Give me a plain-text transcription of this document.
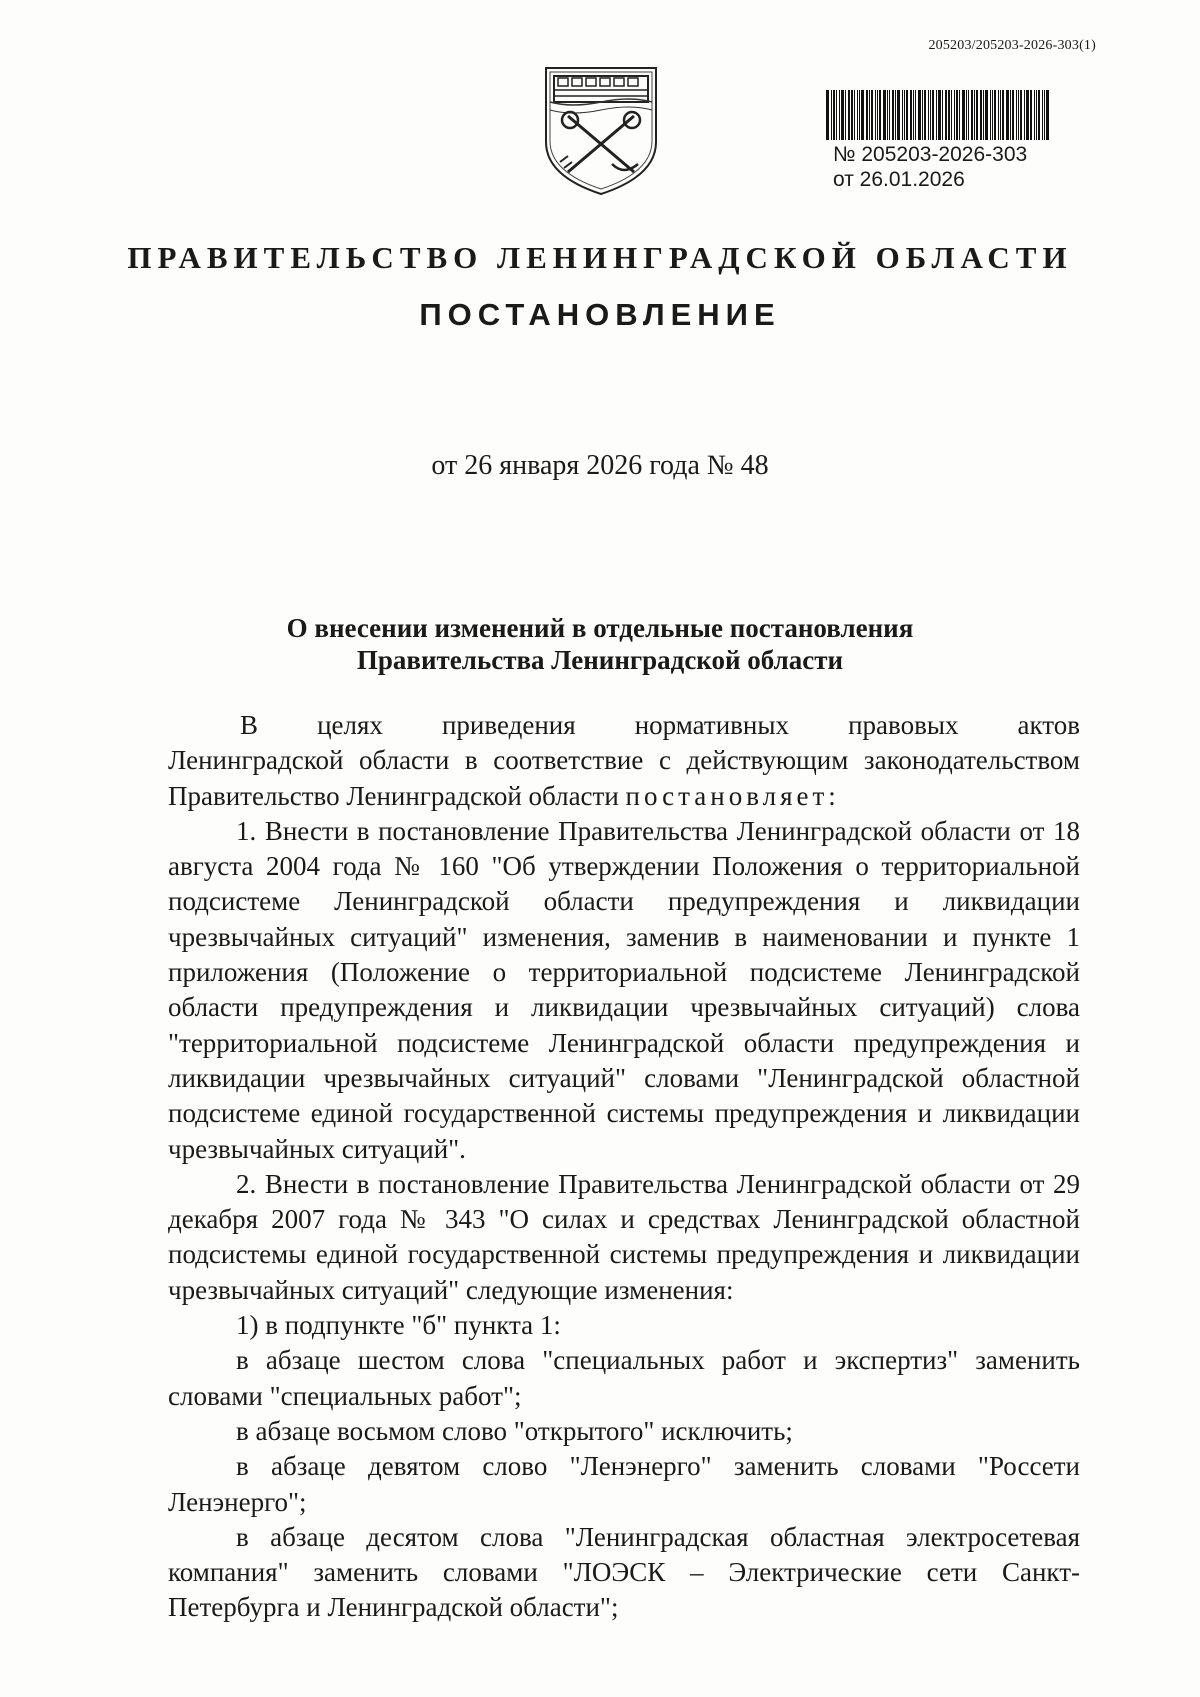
205203/205203-2026-303(1)
№ 205203-2026-303
от 26.01.2026
ПРАВИТЕЛЬСТВО ЛЕНИНГРАДСКОЙ ОБЛАСТИ
ПОСТАНОВЛЕНИЕ
от 26 января 2026 года № 48
О внесении изменений в отдельные постановления
Правительства Ленинградской области

В целях приведения нормативных правовых актов

Ленинградской области в соответствие с действующим законодательством

Правительство Ленинградской области постановляет:

1. Внести в постановление Правительства Ленинградской области от 18 августа 2004 года № 160 "Об утверждении Положения о территориальной подсистеме Ленинградской области предупреждения и ликвидации чрезвычайных ситуаций" изменения, заменив в наименовании и пункте 1 приложения (Положение о территориальной подсистеме Ленинградской области предупреждения и ликвидации чрезвычайных ситуаций) слова "территориальной подсистеме Ленинградской области предупреждения и ликвидации чрезвычайных ситуаций" словами "Ленинградской областной подсистеме единой государственной системы предупреждения и ликвидации чрезвычайных ситуаций".

2. Внести в постановление Правительства Ленинградской области от 29 декабря 2007 года № 343 "О силах и средствах Ленинградской областной подсистемы единой государственной системы предупреждения и ликвидации чрезвычайных ситуаций" следующие изменения:

1) в подпункте "б" пункта 1:

в абзаце шестом слова "специальных работ и экспертиз" заменить словами "специальных работ";

в абзаце восьмом слово "открытого" исключить;

в абзаце девятом слово "Ленэнерго" заменить словами "Россети Ленэнерго";

в абзаце десятом слова "Ленинградская областная электросетевая компания" заменить словами "ЛОЭСК – Электрические сети Санкт-Петербурга и Ленинградской области";
